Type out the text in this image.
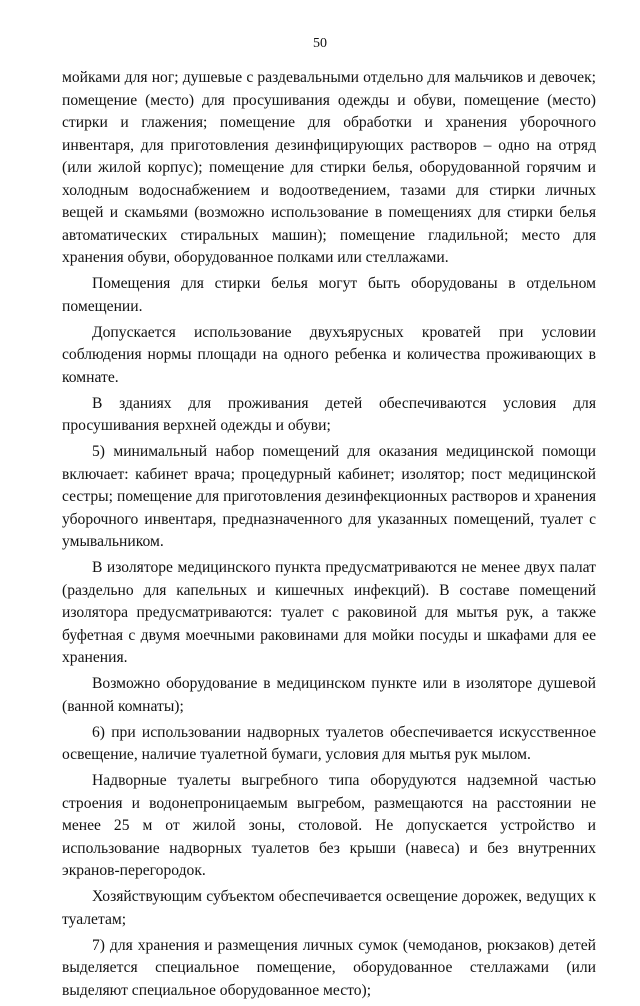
50

мойками для ног; душевые с раздевальными отдельно для мальчиков и девочек; помещение (место) для просушивания одежды и обуви, помещение (место) стирки и глажения; помещение для обработки и хранения уборочного инвентаря, для приготовления дезинфицирующих растворов – одно на отряд (или жилой корпус); помещение для стирки белья, оборудованной горячим и холодным водоснабжением и водоотведением, тазами для стирки личных вещей и скамьями (возможно использование в помещениях для стирки белья автоматических стиральных машин); помещение гладильной; место для хранения обуви, оборудованное полками или стеллажами.

Помещения для стирки белья могут быть оборудованы в отдельном помещении.

Допускается использование двухъярусных кроватей при условии соблюдения нормы площади на одного ребенка и количества проживающих в комнате.

В зданиях для проживания детей обеспечиваются условия для просушивания верхней одежды и обуви;

5) минимальный набор помещений для оказания медицинской помощи включает: кабинет врача; процедурный кабинет; изолятор; пост медицинской сестры; помещение для приготовления дезинфекционных растворов и хранения уборочного инвентаря, предназначенного для указанных помещений, туалет с умывальником.

В изоляторе медицинского пункта предусматриваются не менее двух палат (раздельно для капельных и кишечных инфекций). В составе помещений изолятора предусматриваются: туалет с раковиной для мытья рук, а также буфетная с двумя моечными раковинами для мойки посуды и шкафами для ее хранения.

Возможно оборудование в медицинском пункте или в изоляторе душевой (ванной комнаты);

6) при использовании надворных туалетов обеспечивается искусственное освещение, наличие туалетной бумаги, условия для мытья рук мылом.

Надворные туалеты выгребного типа оборудуются надземной частью строения и водонепроницаемым выгребом, размещаются на расстоянии не менее 25 м от жилой зоны, столовой. Не допускается устройство и использование надворных туалетов без крыши (навеса) и без внутренних экранов-перегородок.

Хозяйствующим субъектом обеспечивается освещение дорожек, ведущих к туалетам;

7) для хранения и размещения личных сумок (чемоданов, рюкзаков) детей выделяется специальное помещение, оборудованное стеллажами (или выделяют специальное оборудованное место);
